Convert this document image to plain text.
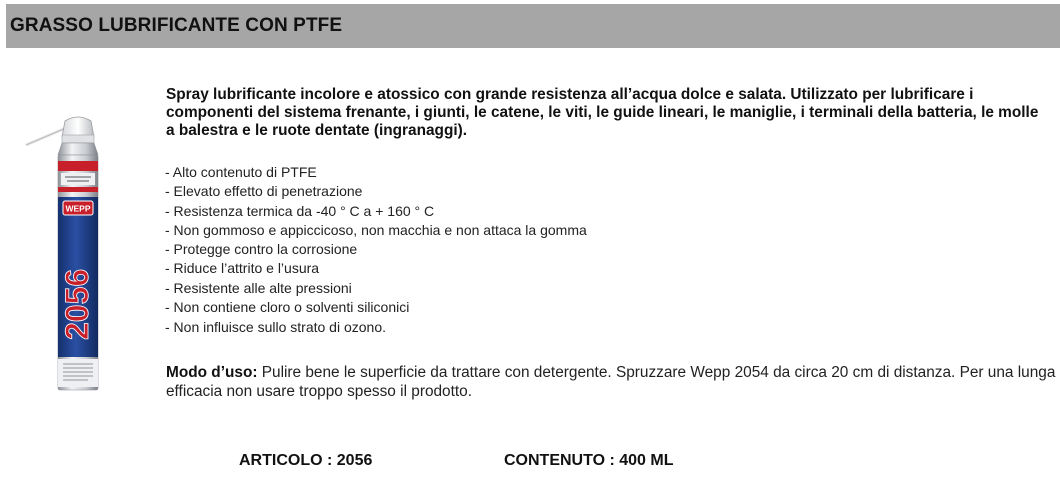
GRASSO LUBRIFICANTE CON PTFE
WEPP
2056
Spray lubrificante incolore e atossico con grande resistenza all’acqua dolce e salata. Utilizzato per lubrificare i componenti del sistema frenante, i giunti, le catene, le viti, le guide lineari, le maniglie, i terminali della batteria, le molle a balestra e le ruote dentate (ingranaggi).
- Alto contenuto di PTFE
- Elevato effetto di penetrazione
- Resistenza termica da -40 ° C a + 160 ° C
- Non gommoso e appiccicoso, non macchia e non attaca la gomma
- Protegge contro la corrosione
- Riduce l’attrito e l’usura
- Resistente alle alte pressioni
- Non contiene cloro o solventi siliconici
- Non influisce sullo strato di ozono.
Modo d’uso: Pulire bene le superficie da trattare con detergente. Spruzzare Wepp 2054 da circa 20 cm di distanza. Per una lunga efficacia non usare troppo spesso il prodotto.
ARTICOLO : 2056	CONTENUTO : 400 ML
